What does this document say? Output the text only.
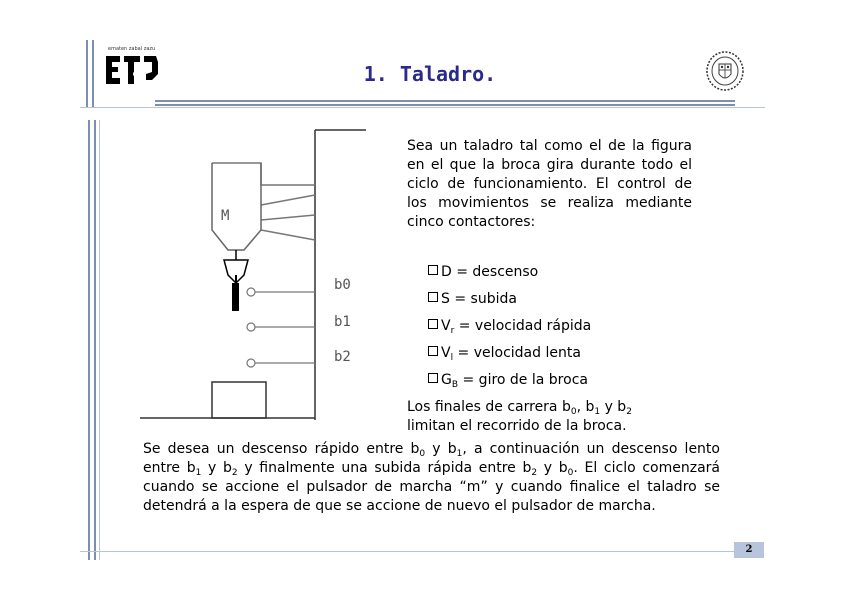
ematen zabal zazu
1. Taladro.
M
b0
b1
b2
Sea un taladro tal como el de la figura en el que la broca gira durante todo el ciclo de funcionamiento. El control de los movimientos se realiza mediante cinco contactores:
D = descenso
S = subida
$V_r$ = velocidad rápida
$V_l$ = velocidad lenta
$G_B$ = giro de la broca
Los finales de carrera $b_0$, $b_1$ y $b_2$
limitan el recorrido de la broca.
Se desea un descenso rápido entre $b_0$ y $b_1$, a continuación un descenso lento entre $b_1$ y $b_2$ y finalmente una subida rápida entre $b_2$ y $b_0$. El ciclo comenzará cuando se accione el pulsador de marcha “m” y cuando finalice el taladro se detendrá a la espera de que se accione de nuevo el pulsador de marcha.
2
